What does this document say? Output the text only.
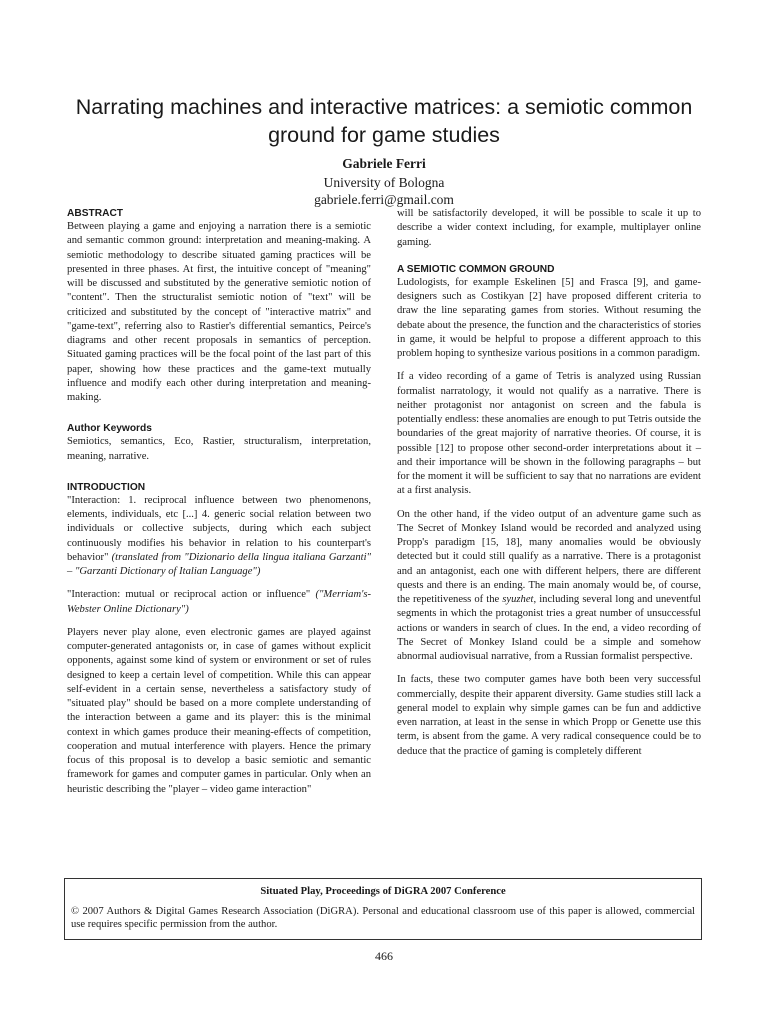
Narrating machines and interactive matrices: a semiotic common ground for game studies
Gabriele Ferri
University of Bologna
gabriele.ferri@gmail.com
ABSTRACT

Between playing a game and enjoying a narration there is a semiotic and semantic common ground: interpretation and meaning-making. A semiotic methodology to describe situated gaming practices will be presented in three phases. At first, the intuitive concept of "meaning" will be discussed and substituted by the generative semiotic notion of "content". Then the structuralist semiotic notion of "text" will be criticized and substituted by the concept of "interactive matrix" and "game-text", referring also to Rastier's differential semantics, Peirce's diagrams and other recent proposals in semantics of perception. Situated gaming practices will be the focal point of the last part of this paper, showing how these practices and the game-text mutually influence and modify each other during interpretation and meaning-making.

Author Keywords

Semiotics, semantics, Eco, Rastier, structuralism, interpretation, meaning, narrative.

INTRODUCTION

"Interaction: 1. reciprocal influence between two phenomenons, elements, individuals, etc [...] 4. generic social relation between two individuals or collective subjects, during which each subject continuously modifies his behavior in relation to his counterpart's behavior" (translated from "Dizionario della lingua italiana Garzanti" – "Garzanti Dictionary of Italian Language")

"Interaction: mutual or reciprocal action or influence" ("Merriam's-Webster Online Dictionary")

Players never play alone, even electronic games are played against computer-generated antagonists or, in case of games without explicit opponents, against some kind of system or environment or set of rules designed to keep a certain level of competition. While this can appear self-evident in a certain sense, nevertheless a satisfactory study of "situated play" should be based on a more complete understanding of the interaction between a game and its player: this is the minimal context in which games produce their meaning-effects of competition, cooperation and mutual interference with players. Hence the primary focus of this proposal is to develop a basic semiotic and semantic framework for games and computer games in particular. Only when an heuristic describing the "player – video game interaction"

will be satisfactorily developed, it will be possible to scale it up to describe a wider context including, for example, multiplayer online gaming.

A SEMIOTIC COMMON GROUND

Ludologists, for example Eskelinen [5] and Frasca [9], and game-designers such as Costikyan [2] have proposed different criteria to draw the line separating games from stories. Without resuming the debate about the presence, the function and the characteristics of stories in game, it would be helpful to propose a different approach to this problem hoping to synthesize various positions in a common paradigm.

If a video recording of a game of Tetris is analyzed using Russian formalist narratology, it would not qualify as a narrative. There is neither protagonist nor antagonist on screen and the fabula is potentially endless: these anomalies are enough to put Tetris outside the boundaries of the great majority of narrative theories. Of course, it is possible [12] to propose other second-order interpretations about it – and their importance will be shown in the following paragraphs – but for the moment it will be sufficient to say that no narrations are evident at a first analysis.

On the other hand, if the video output of an adventure game such as The Secret of Monkey Island would be recorded and analyzed using Propp's paradigm [15, 18], many anomalies would be obviously detected but it could still qualify as a narrative. There is a protagonist and an antagonist, each one with different helpers, there are different quests and there is an ending. The main anomaly would be, of course, the repetitiveness of the syuzhet, including several long and uneventful segments in which the protagonist tries a great number of unsuccessful actions or wanders in search of clues. In the end, a video recording of The Secret of Monkey Island could be a simple and somehow abnormal audiovisual narrative, from a Russian formalist perspective.

In facts, these two computer games have both been very successful commercially, despite their apparent diversity. Game studies still lack a general model to explain why simple games can be fun and addictive even narration, at least in the sense in which Propp or Genette use this term, is absent from the game. A very radical consequence could be to deduce that the practice of gaming is completely different

Situated Play, Proceedings of DiGRA 2007 Conference
© 2007 Authors & Digital Games Research Association (DiGRA). Personal and educational classroom use of this paper is allowed, commercial use requires specific permission from the author.
466
